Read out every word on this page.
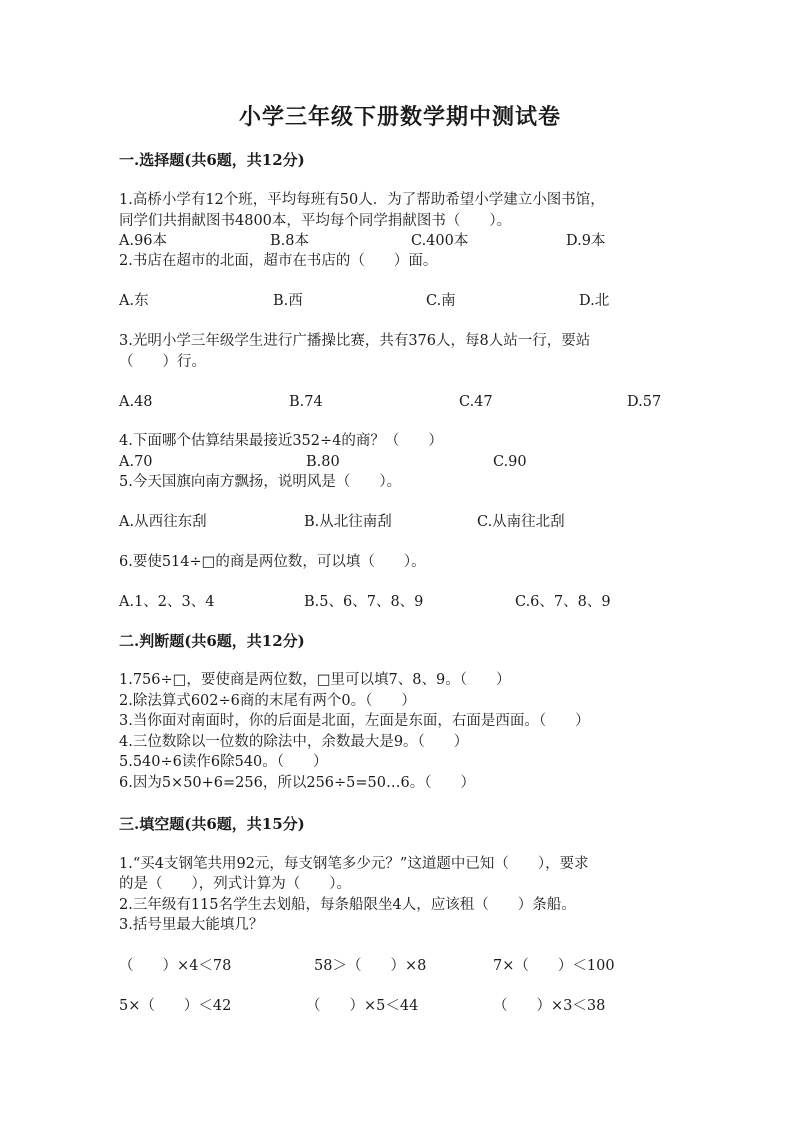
小学三年级下册数学期中测试卷
一.选择题(共6题，共12分)
1.高桥小学有12个班，平均每班有50人．为了帮助希望小学建立小图书馆，
同学们共捐献图书4800本，平均每个同学捐献图书（　　）。
A.96本	B.8本	C.400本	D.9本
2.书店在超市的北面，超市在书店的（　　）面。
A.东	B.西	C.南	D.北
3.光明小学三年级学生进行广播操比赛，共有376人，每8人站一行，要站
（　　）行。
A.48	B.74	C.47	D.57
4.下面哪个估算结果最接近352÷4的商？（　　）
A.70	B.80	C.90
5.今天国旗向南方飘扬，说明风是（　　）。
A.从西往东刮	B.从北往南刮	C.从南往北刮
6.要使514÷□的商是两位数，可以填（　　）。
A.1、2、3、4	B.5、6、7、8、9	C.6、7、8、9
二.判断题(共6题，共12分)
1.756÷□，要使商是两位数，□里可以填7、8、9。（　　）
2.除法算式602÷6商的末尾有两个0。（　　）
3.当你面对南面时，你的后面是北面，左面是东面，右面是西面。（　　）
4.三位数除以一位数的除法中，余数最大是9。（　　）
5.540÷6读作6除540。（　　）
6.因为5×50+6=256，所以256÷5=50…6。（　　）
三.填空题(共6题，共15分)
1.“买4支钢笔共用92元，每支钢笔多少元？”这道题中已知（　　），要求
的是（　　），列式计算为（　　）。
2.三年级有115名学生去划船，每条船限坐4人，应该租（　　）条船。
3.括号里最大能填几？
（　　）×4＜78	58＞（　　）×8	7×（　　）＜100
5×（　　）＜42	（　　）×5＜44	（　　）×3＜38
